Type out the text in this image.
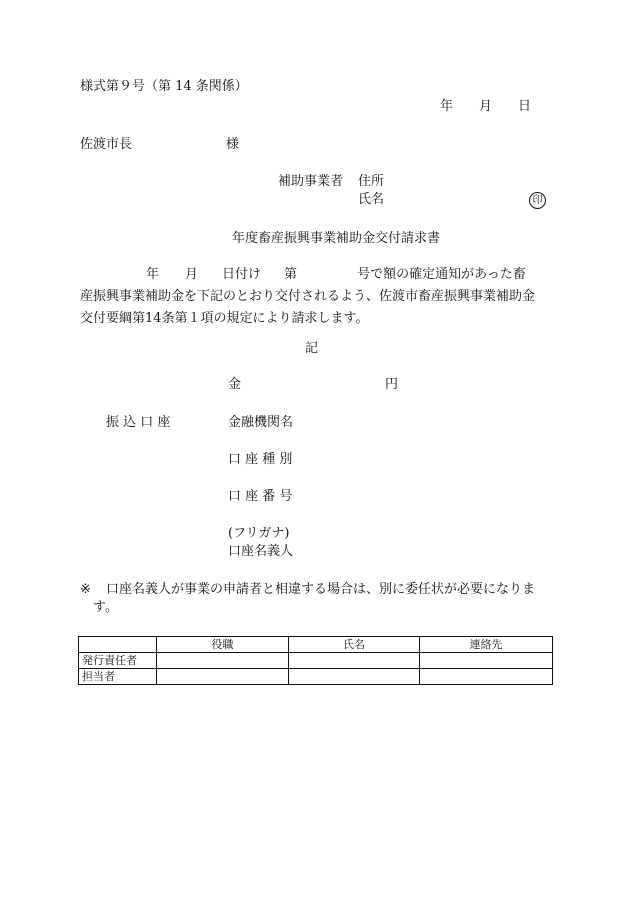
様式第９号（第 14 条関係）
年 月 日
佐渡市長	様
補助事業者 住所
氏名	印
年度畜産振興事業補助金交付請求書

年 月 日付け 第	号で額の確定通知があった畜

産振興事業補助金を下記のとおり交付されるよう、佐渡市畜産振興事業補助金

交付要綱第14条第１項の規定により請求します。

記
金	円
振 込 口 座	金融機関名
口 座 種 別
口 座 番 号
(フリガナ)
口座名義人
※ 口座名義人が事業の申請者と相違する場合は、別に委任状が必要になりま
す。
	役職	氏名	連絡先
発行責任者			
担当者			
